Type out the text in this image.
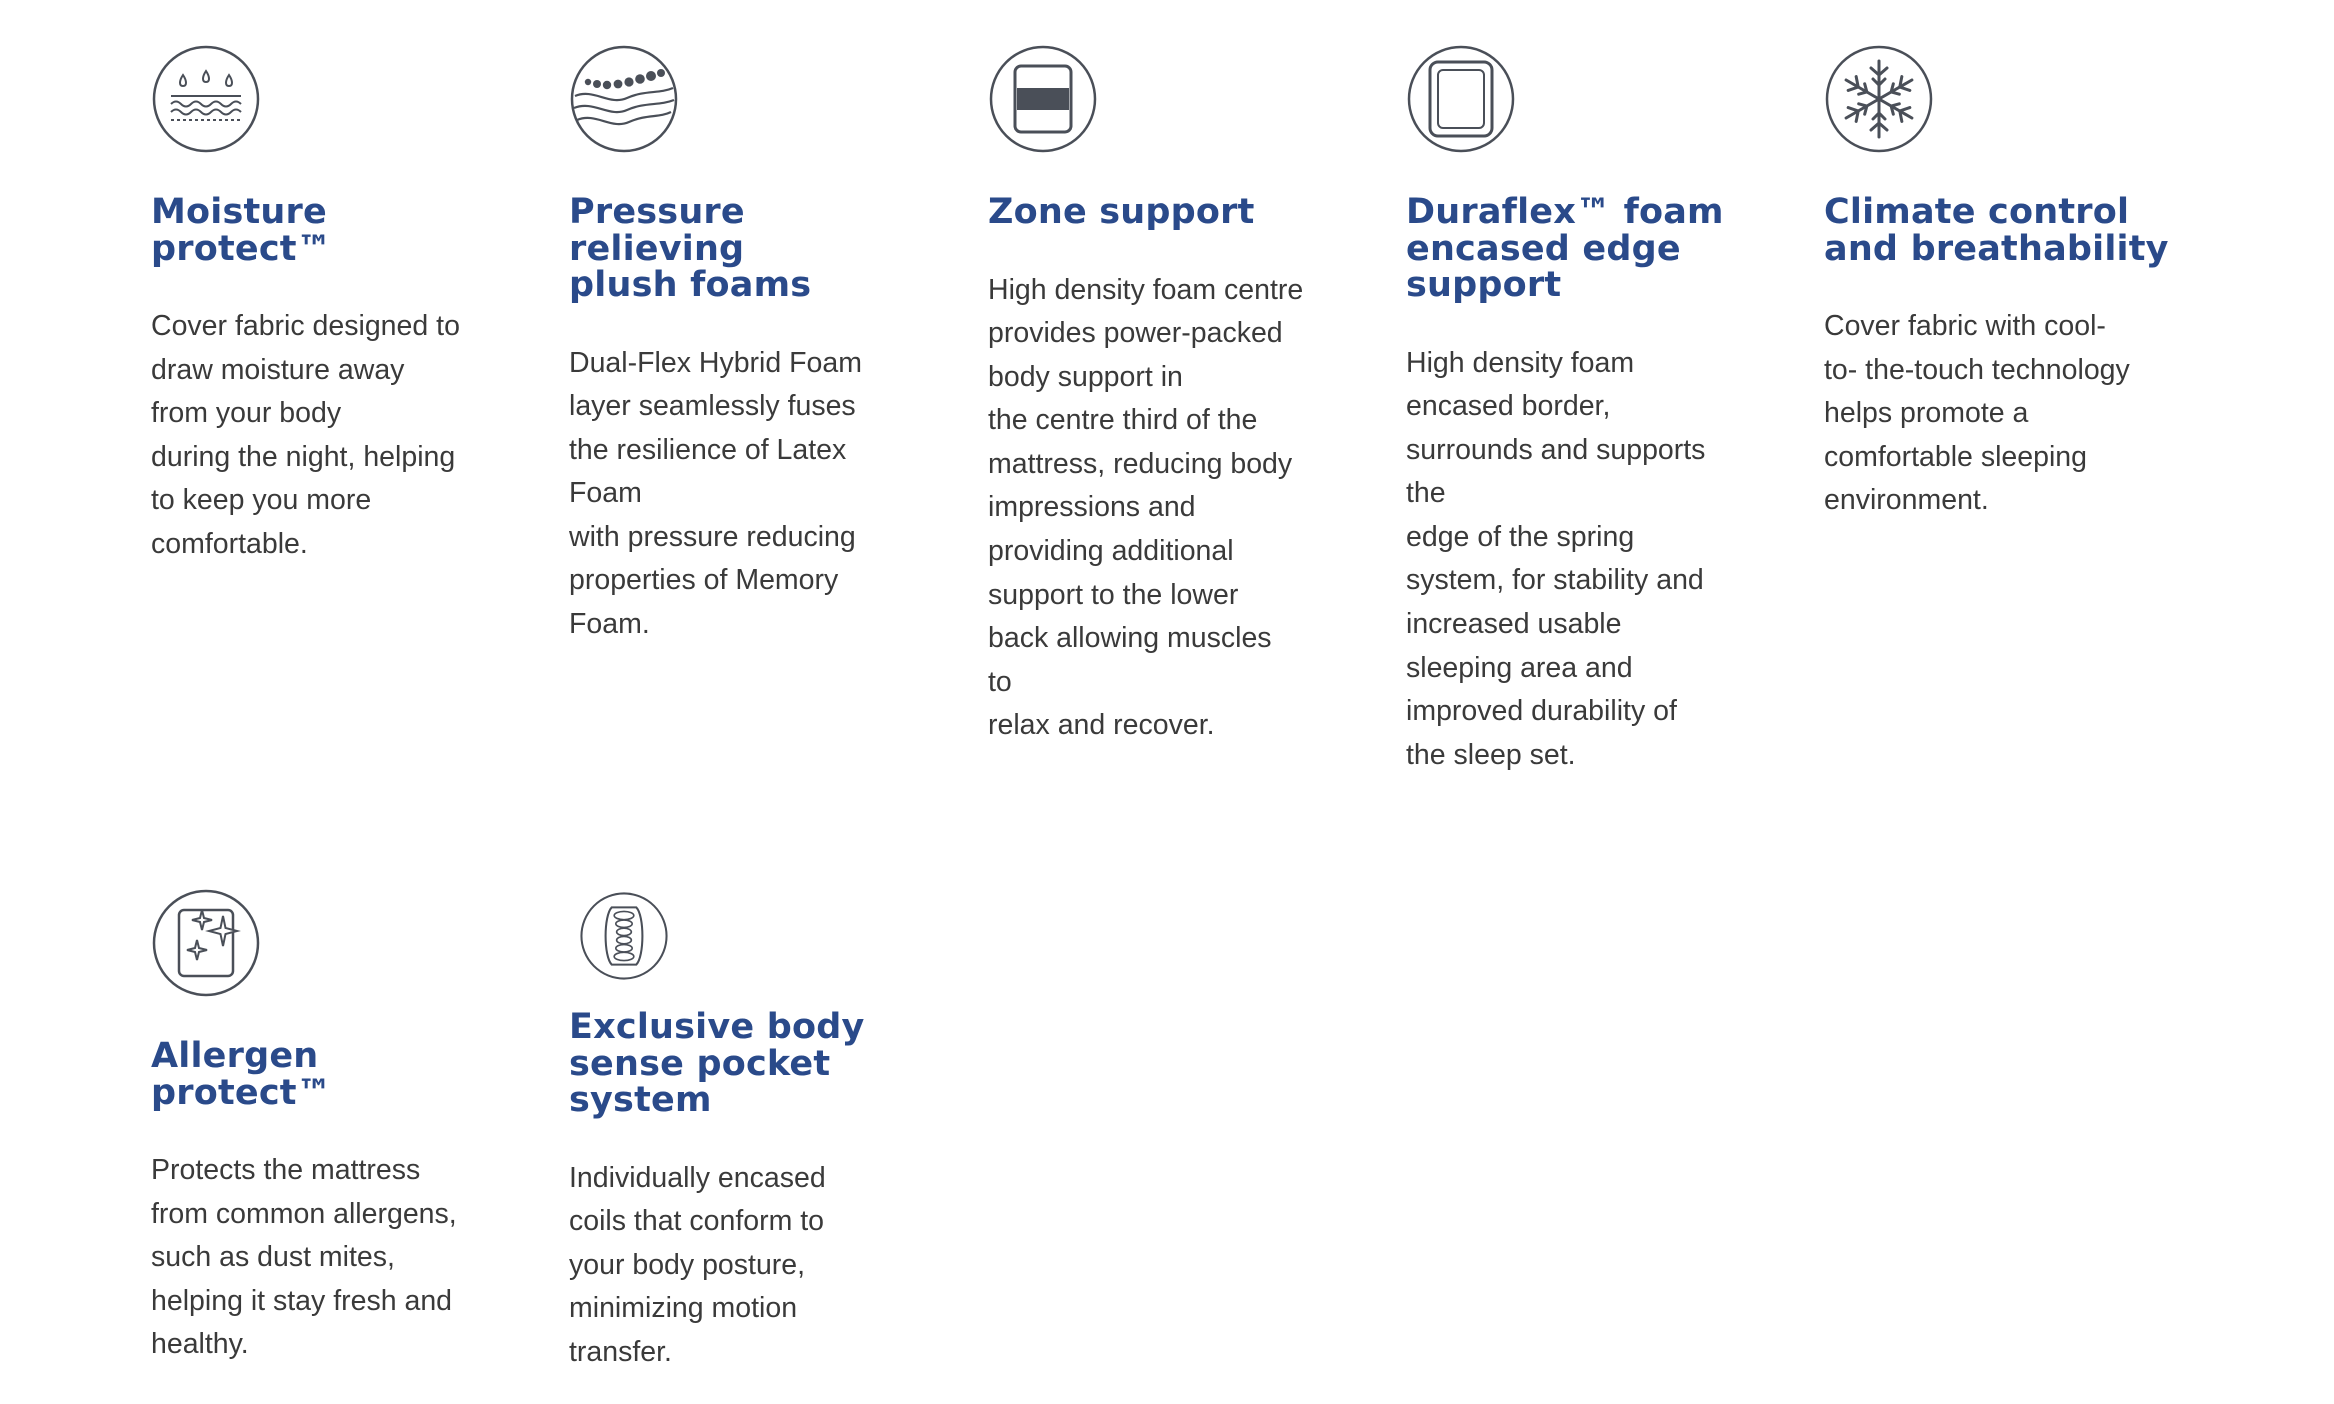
Moisture
protect™
Cover fabric designed to
draw moisture away
from your body
during the night, helping
to keep you more
comfortable.
Pressure relieving
plush foams
Dual-Flex Hybrid Foam
layer seamlessly fuses
the resilience of Latex
Foam
with pressure reducing
properties of Memory
Foam.
Zone support
High density foam centre
provides power-packed
body support in
the centre third of the
mattress, reducing body
impressions and
providing additional
support to the lower
back allowing muscles
to
relax and recover.
Duraflex™ foam
encased edge
support
High density foam
encased border,
surrounds and supports
the
edge of the spring
system, for stability and
increased usable
sleeping area and
improved durability of
the sleep set.
Climate control
and breathability
Cover fabric with cool-
to- the-touch technology
helps promote a
comfortable sleeping
environment.
Allergen
protect™
Protects the mattress
from common allergens,
such as dust mites,
helping it stay fresh and
healthy.
Exclusive body
sense pocket
system
Individually encased
coils that conform to
your body posture,
minimizing motion
transfer.
